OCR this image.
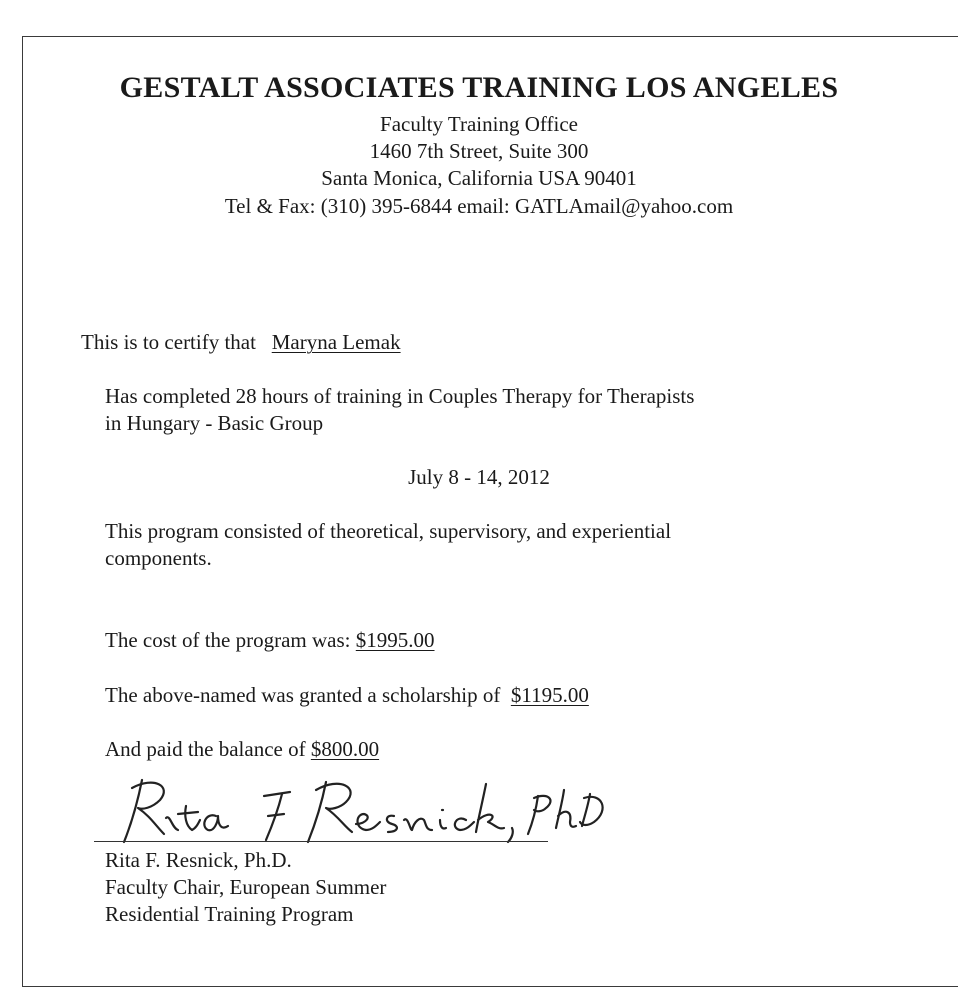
GESTALT ASSOCIATES TRAINING LOS ANGELES
Faculty Training Office
1460 7th Street, Suite 300
Santa Monica, California USA 90401
Tel & Fax: (310) 395-6844 email: GATLAmail@yahoo.com
This is to certify that Maryna Lemak
Has completed 28 hours of training in Couples Therapy for Therapists
in Hungary - Basic Group
July 8 - 14, 2012
This program consisted of theoretical, supervisory, and experiential
components.
The cost of the program was: $1995.00
The above-named was granted a scholarship of $1195.00
And paid the balance of $800.00
Rita F. Resnick, Ph.D.
Faculty Chair, European Summer
Residential Training Program
